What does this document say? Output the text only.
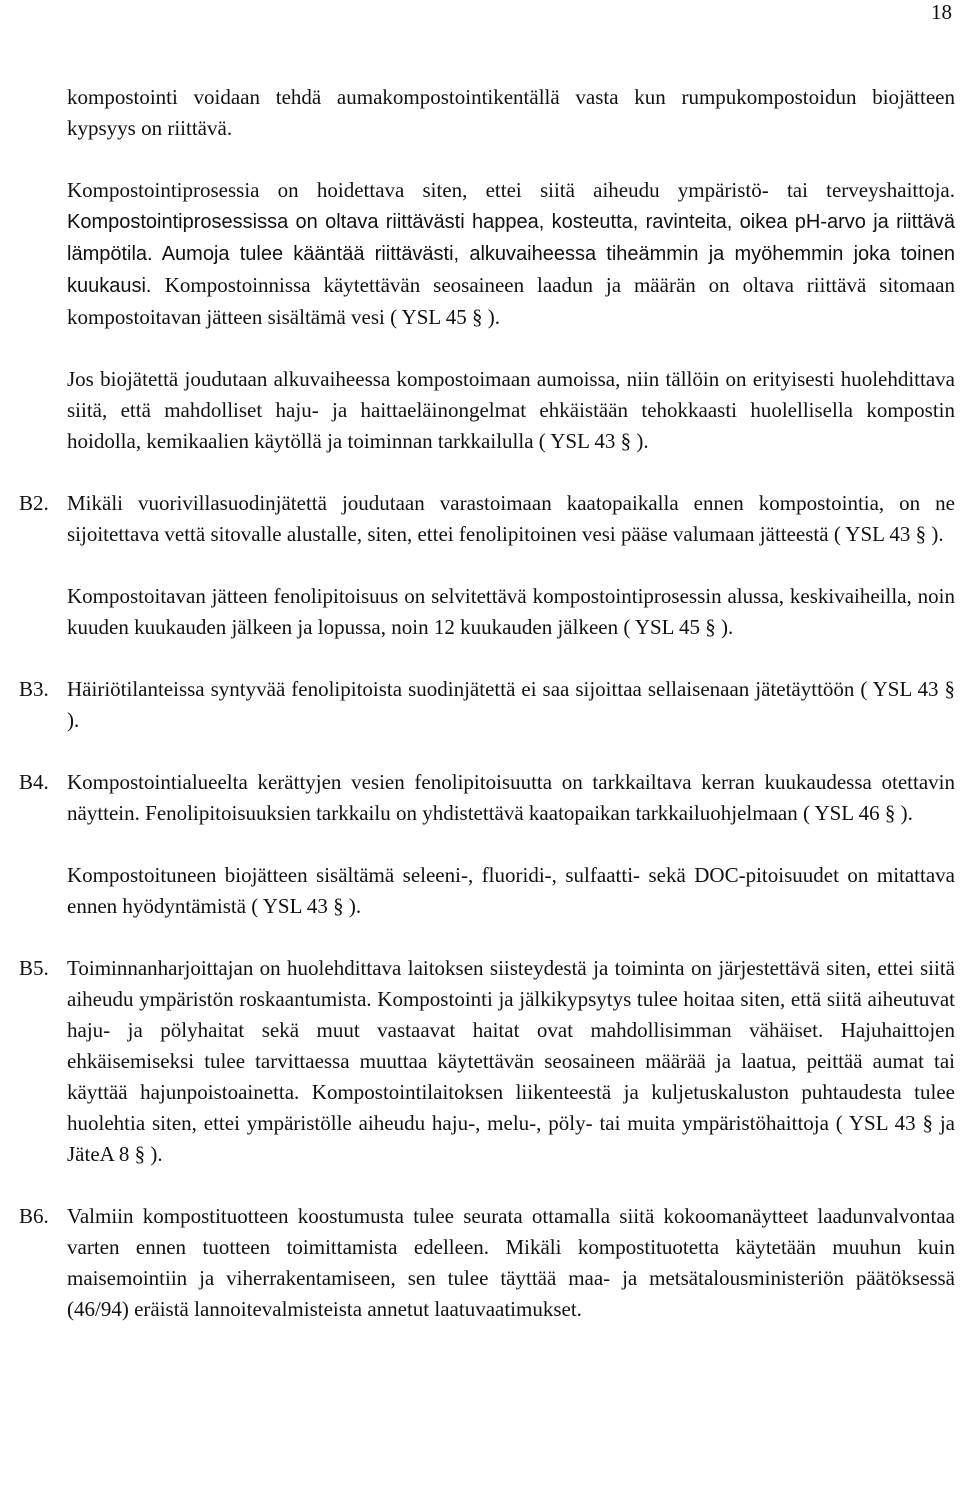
18
kompostointi voidaan tehdä aumakompostointikentällä vasta kun rumpukompostoidun biojätteen kypsyys on riittävä.
Kompostointiprosessia on hoidettava siten, ettei siitä aiheudu ympäristö- tai terveyshaittoja. Kompostointiprosessissa on oltava riittävästi happea, kosteutta, ravinteita, oikea pH-arvo ja riittävä lämpötila. Aumoja tulee kääntää riittävästi, alkuvaiheessa tiheämmin ja myöhemmin joka toinen kuukausi. Kompostoinnissa käytettävän seosaineen laadun ja määrän on oltava riittävä sitomaan kompostoitavan jätteen sisältämä vesi ( YSL 45 § ).
Jos biojätettä joudutaan alkuvaiheessa kompostoimaan aumoissa, niin tällöin on erityisesti huolehdittava siitä, että mahdolliset haju- ja haittaeläinongelmat ehkäistään tehokkaasti huolellisella kompostin hoidolla, kemikaalien käytöllä ja toiminnan tarkkailulla ( YSL 43 § ).
B2. Mikäli vuorivillasuodinjätettä joudutaan varastoimaan kaatopaikalla ennen kompostointia, on ne sijoitettava vettä sitovalle alustalle, siten, ettei fenolipitoinen vesi pääse valumaan jätteestä ( YSL 43 § ).
Kompostoitavan jätteen fenolipitoisuus on selvitettävä kompostointiprosessin alussa, keskivaiheilla, noin kuuden kuukauden jälkeen ja lopussa, noin 12 kuukauden jälkeen ( YSL 45 § ).
B3. Häiriötilanteissa syntyvää fenolipitoista suodinjätettä ei saa sijoittaa sellaisenaan jätetäyttöön ( YSL 43 § ).
B4. Kompostointialueelta kerättyjen vesien fenolipitoisuutta on tarkkailtava kerran kuukaudessa otettavin näyttein. Fenolipitoisuuksien tarkkailu on yhdistettävä kaatopaikan tarkkailuohjelmaan ( YSL 46 § ).
Kompostoituneen biojätteen sisältämä seleeni-, fluoridi-, sulfaatti- sekä DOC-pitoisuudet on mitattava ennen hyödyntämistä ( YSL 43 § ).
B5. Toiminnanharjoittajan on huolehdittava laitoksen siisteydestä ja toiminta on järjestettävä siten, ettei siitä aiheudu ympäristön roskaantumista. Kompostointi ja jälkikypsytys tulee hoitaa siten, että siitä aiheutuvat haju- ja pölyhaitat sekä muut vastaavat haitat ovat mahdollisimman vähäiset. Hajuhaittojen ehkäisemiseksi tulee tarvittaessa muuttaa käytettävän seosaineen määrää ja laatua, peittää aumat tai käyttää hajunpoistoainetta. Kompostointilaitoksen liikenteestä ja kuljetuskaluston puhtaudesta tulee huolehtia siten, ettei ympäristölle aiheudu haju-, melu-, pöly- tai muita ympäristöhaittoja ( YSL 43 § ja JäteA 8 § ).
B6. Valmiin kompostituotteen koostumusta tulee seurata ottamalla siitä kokoomanäytteet laadunvalvontaa varten ennen tuotteen toimittamista edelleen. Mikäli kompostituotetta käytetään muuhun kuin maisemointiin ja viherrakentamiseen, sen tulee täyttää maa- ja metsätalousministeriön päätöksessä (46/94) eräistä lannoitevalmisteista annetut laatuvaatimukset.
